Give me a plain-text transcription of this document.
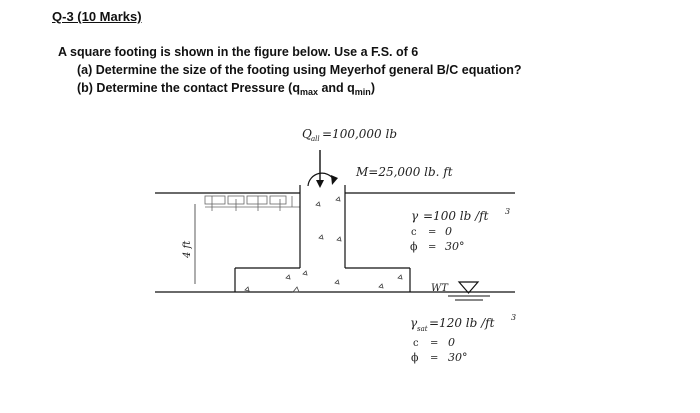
Q-3 (10 Marks)
A square footing is shown in the figure below. Use a F.S. of 6
(a) Determine the size of the footing using Meyerhof general B/C equation?
(b) Determine the contact Pressure ($q_{max}$ and $q_{min}$)
Q all =100,000 lb
M=25,000 lb. ft
4 ft
γ =100 lb /ft 3
c = 0
ϕ = 30°
WT
γ sat =120 lb /ft 3
c = 0
ϕ = 30°
